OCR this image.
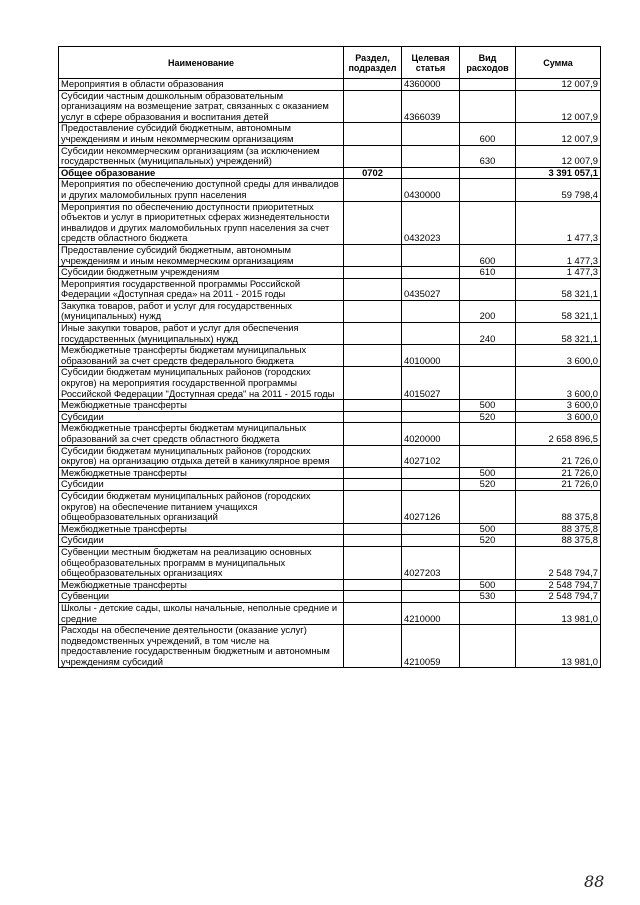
Наименование	Раздел, подраздел	Целевая статья	Вид расходов	Сумма
Мероприятия в области образования		4360000		12 007,9
Субсидии частным дошкольным образовательным организациям на возмещение затрат, связанных с оказанием услуг в сфере образования и воспитания детей		4366039		12 007,9
Предоставление субсидий бюджетным, автономным учреждениям и иным некоммерческим организациям			600	12 007,9
Субсидии некоммерческим организациям (за исключением государственных (муниципальных) учреждений)			630	12 007,9
Общее образование	0702			3 391 057,1
Мероприятия по обеспечению доступной среды для инвалидов и других маломобильных групп населения		0430000		59 798,4
Мероприятия по обеспечению доступности приоритетных объектов и услуг в приоритетных сферах жизнедеятельности инвалидов и других маломобильных групп населения за счет средств областного бюджета		0432023		1 477,3
Предоставление субсидий бюджетным, автономным учреждениям и иным некоммерческим организациям			600	1 477,3
Субсидии бюджетным учреждениям			610	1 477,3
Мероприятия государственной программы Российской Федерации «Доступная среда» на 2011 - 2015 годы		0435027		58 321,1
Закупка товаров, работ и услуг для государственных (муниципальных) нужд			200	58 321,1
Иные закупки товаров, работ и услуг для обеспечения государственных (муниципальных) нужд			240	58 321,1
Межбюджетные трансферты бюджетам муниципальных образований за счет средств федерального бюджета		4010000		3 600,0
Субсидии бюджетам муниципальных районов (городских округов) на мероприятия государственной программы Российской Федерации "Доступная среда" на 2011 - 2015 годы		4015027		3 600,0
Межбюджетные трансферты			500	3 600,0
Субсидии			520	3 600,0
Межбюджетные трансферты бюджетам муниципальных образований за счет средств областного бюджета		4020000		2 658 896,5
Субсидии бюджетам муниципальных районов (городских округов) на организацию отдыха детей в каникулярное время		4027102		21 726,0
Межбюджетные трансферты			500	21 726,0
Субсидии			520	21 726,0
Субсидии бюджетам муниципальных районов (городских округов) на обеспечение питанием учащихся общеобразовательных организаций		4027126		88 375,8
Межбюджетные трансферты			500	88 375,8
Субсидии			520	88 375,8
Субвенции местным бюджетам на реализацию основных общеобразовательных программ в муниципальных общеобразовательных организациях		4027203		2 548 794,7
Межбюджетные трансферты			500	2 548 794,7
Субвенции			530	2 548 794,7
Школы - детские сады, школы начальные, неполные средние и средние		4210000		13 981,0
Расходы на обеспечение деятельности (оказание услуг) подведомственных учреждений, в том числе на предоставление государственным бюджетным и автономным учреждениям субсидий		4210059		13 981,0
88
